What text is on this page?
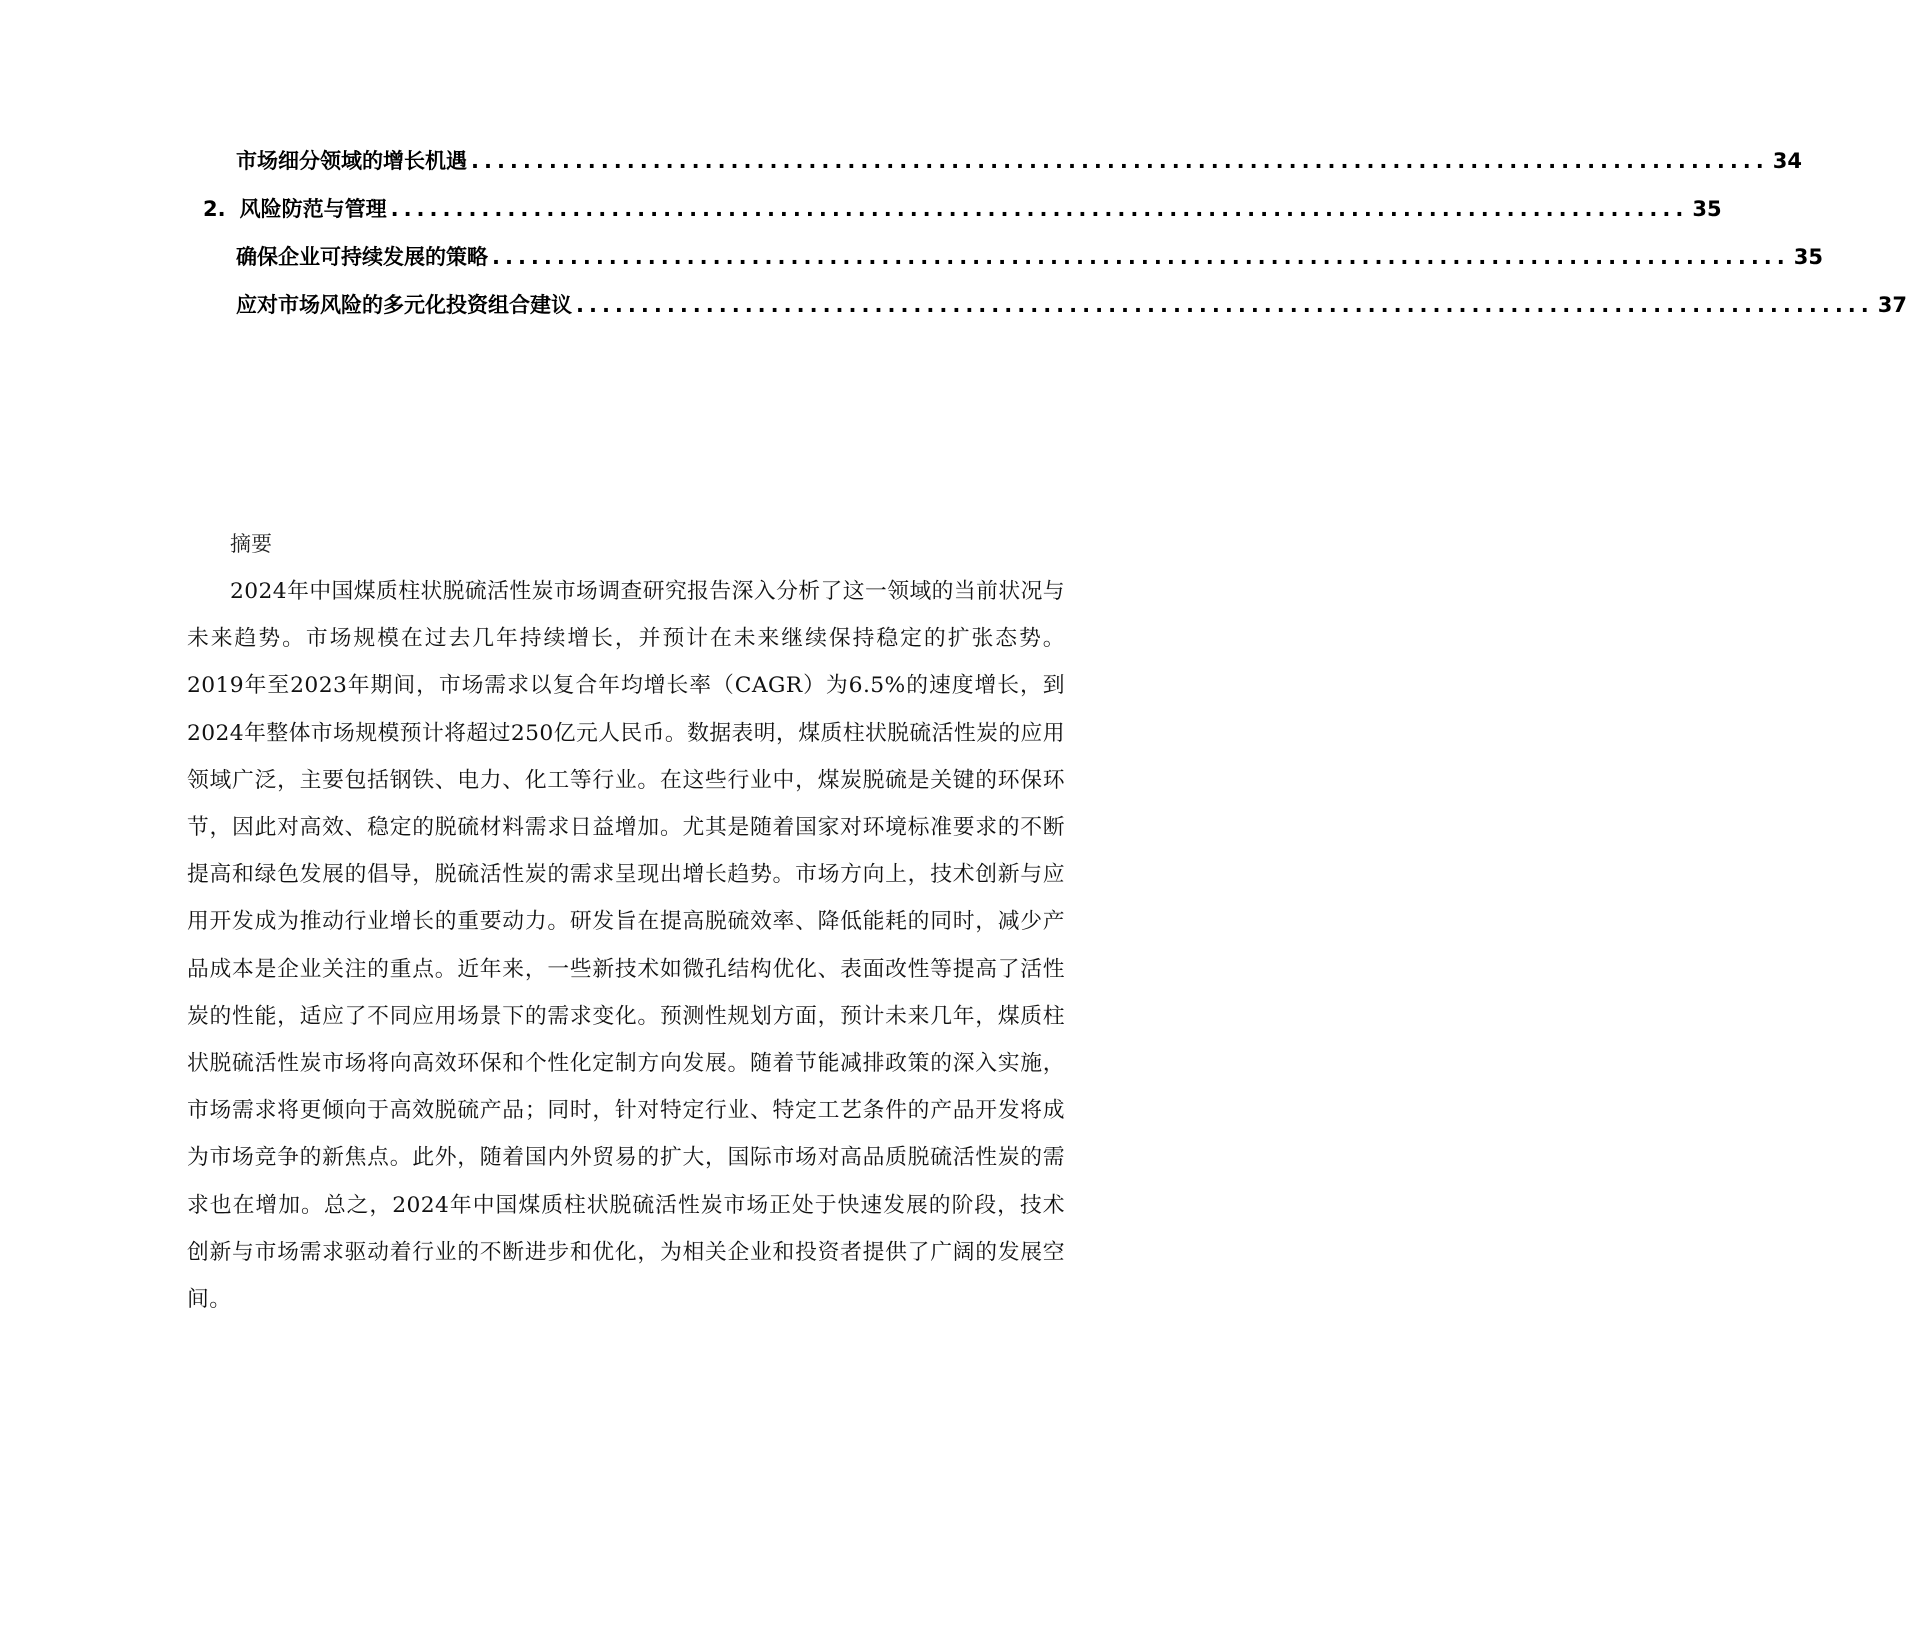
市场细分领域的增长机遇 .................................................................................................... 34
2. 风险防范与管理 .................................................................................................... 35
确保企业可持续发展的策略 .................................................................................................... 35
应对市场风险的多元化投资组合建议 .................................................................................................... 37
摘要

2024年中国煤质柱状脱硫活性炭市场调查研究报告深入分析了这一领域的当前状况与未来趋势。市场规模在过去几年持续增长，并预计在未来继续保持稳定的扩张态势。2019年至2023年期间，市场需求以复合年均增长率（CAGR）为6.5%的速度增长，到2024年整体市场规模预计将超过250亿元人民币。数据表明，煤质柱状脱硫活性炭的应用领域广泛，主要包括钢铁、电力、化工等行业。在这些行业中，煤炭脱硫是关键的环保环节，因此对高效、稳定的脱硫材料需求日益增加。尤其是随着国家对环境标准要求的不断提高和绿色发展的倡导，脱硫活性炭的需求呈现出增长趋势。市场方向上，技术创新与应用开发成为推动行业增长的重要动力。研发旨在提高脱硫效率、降低能耗的同时，减少产品成本是企业关注的重点。近年来，一些新技术如微孔结构优化、表面改性等提高了活性炭的性能，适应了不同应用场景下的需求变化。预测性规划方面，预计未来几年，煤质柱状脱硫活性炭市场将向高效环保和个性化定制方向发展。随着节能减排政策的深入实施，市场需求将更倾向于高效脱硫产品；同时，针对特定行业、特定工艺条件的产品开发将成为市场竞争的新焦点。此外，随着国内外贸易的扩大，国际市场对高品质脱硫活性炭的需求也在增加。总之，2024年中国煤质柱状脱硫活性炭市场正处于快速发展的阶段，技术创新与市场需求驱动着行业的不断进步和优化，为相关企业和投资者提供了广阔的发展空间。
